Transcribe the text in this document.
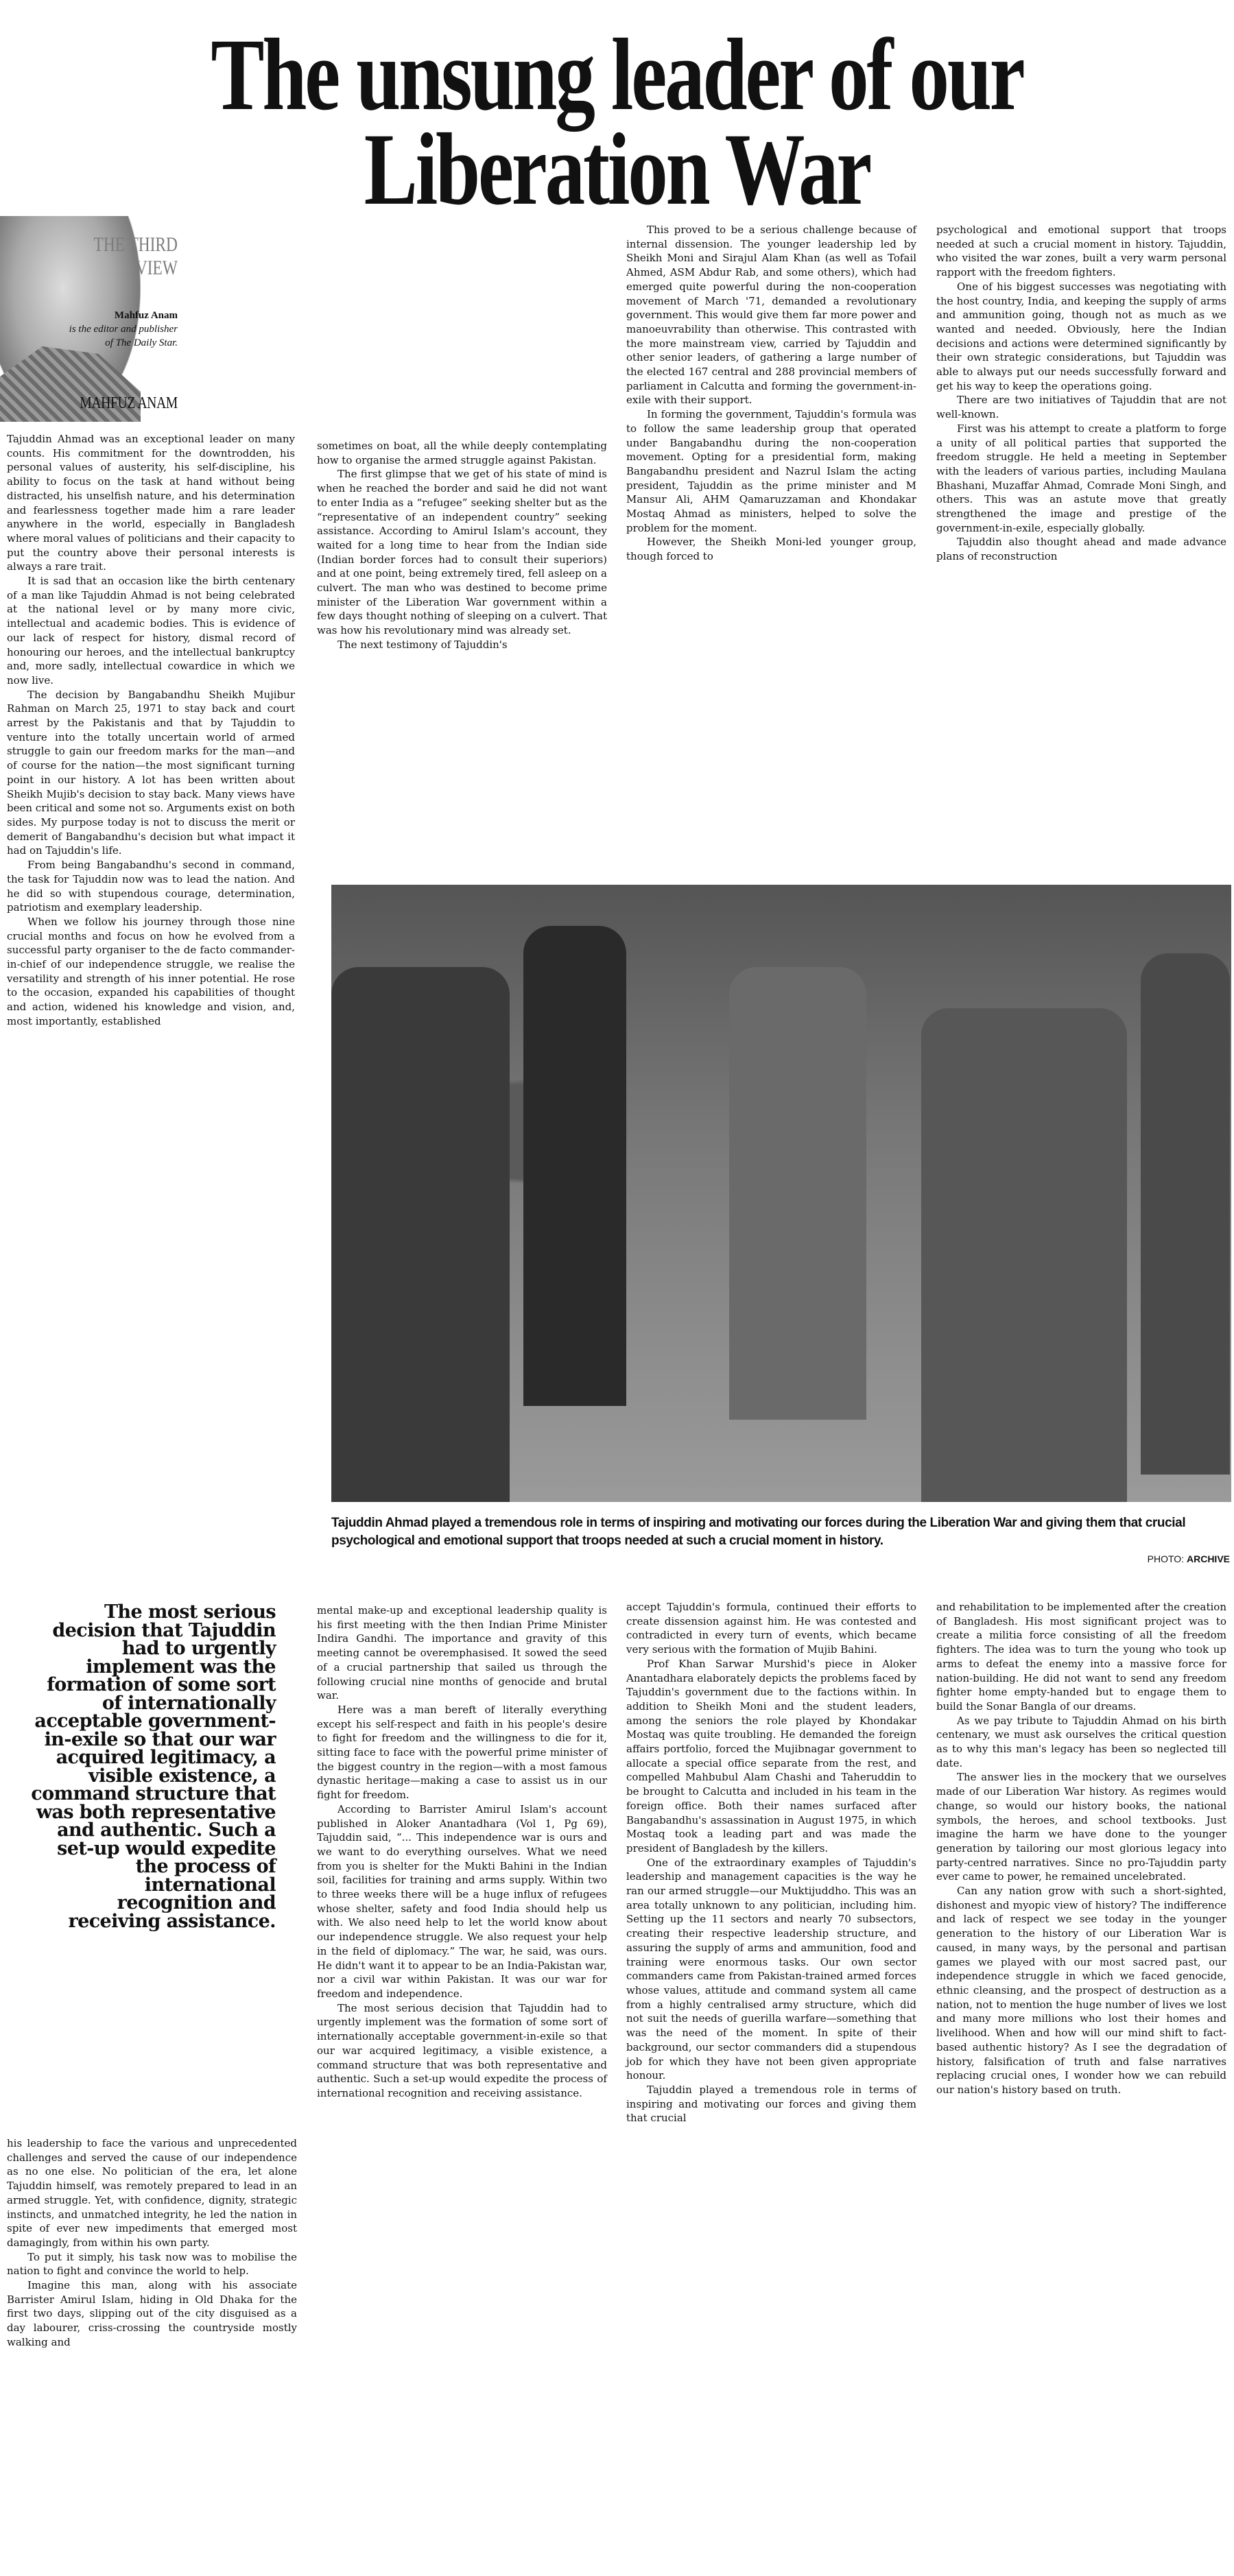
The unsung leader of our
Liberation War
THE THIRD
VIEW
Mahfuz Anam
is the editor and publisher
of The Daily Star.
MAHFUZ ANAM

Tajuddin Ahmad was an exceptional leader on many counts. His commitment for the downtrodden, his personal values of austerity, his self-discipline, his ability to focus on the task at hand without being distracted, his unselfish nature, and his determination and fearlessness together made him a rare leader anywhere in the world, especially in Bangladesh where moral values of politicians and their capacity to put the country above their personal interests is always a rare trait.

It is sad that an occasion like the birth centenary of a man like Tajuddin Ahmad is not being celebrated at the national level or by many more civic, intellectual and academic bodies. This is evidence of our lack of respect for history, dismal record of honouring our heroes, and the intellectual bankruptcy and, more sadly, intellectual cowardice in which we now live.

The decision by Bangabandhu Sheikh Mujibur Rahman on March 25, 1971 to stay back and court arrest by the Pakistanis and that by Tajuddin to venture into the totally uncertain world of armed struggle to gain our freedom marks for the man—and of course for the nation—the most significant turning point in our history. A lot has been written about Sheikh Mujib's decision to stay back. Many views have been critical and some not so. Arguments exist on both sides. My purpose today is not to discuss the merit or demerit of Bangabandhu's decision but what impact it had on Tajuddin's life.

From being Bangabandhu's second in command, the task for Tajuddin now was to lead the nation. And he did so with stupendous courage, determination, patriotism and exemplary leadership.

When we follow his journey through those nine crucial months and focus on how he evolved from a successful party organiser to the de facto commander-in-chief of our independence struggle, we realise the versatility and strength of his inner potential. He rose to the occasion, expanded his capabilities of thought and action, widened his knowledge and vision, and, most importantly, established

sometimes on boat, all the while deeply contemplating how to organise the armed struggle against Pakistan.

The first glimpse that we get of his state of mind is when he reached the border and said he did not want to enter India as a “refugee” seeking shelter but as the “representative of an independent country” seeking assistance. According to Amirul Islam's account, they waited for a long time to hear from the Indian side (Indian border forces had to consult their superiors) and at one point, being extremely tired, fell asleep on a culvert. The man who was destined to become prime minister of the Liberation War government within a few days thought nothing of sleeping on a culvert. That was how his revolutionary mind was already set.

The next testimony of Tajuddin's

This proved to be a serious challenge because of internal dissension. The younger leadership led by Sheikh Moni and Sirajul Alam Khan (as well as Tofail Ahmed, ASM Abdur Rab, and some others), which had emerged quite powerful during the non-cooperation movement of March '71, demanded a revolutionary government. This would give them far more power and manoeuvrability than otherwise. This contrasted with the more mainstream view, carried by Tajuddin and other senior leaders, of gathering a large number of the elected 167 central and 288 provincial members of parliament in Calcutta and forming the government-in-exile with their support.

In forming the government, Tajuddin's formula was to follow the same leadership group that operated under Bangabandhu during the non-cooperation movement. Opting for a presidential form, making Bangabandhu president and Nazrul Islam the acting president, Tajuddin as the prime minister and M Mansur Ali, AHM Qamaruzzaman and Khondakar Mostaq Ahmad as ministers, helped to solve the problem for the moment.

However, the Sheikh Moni-led younger group, though forced to

psychological and emotional support that troops needed at such a crucial moment in history. Tajuddin, who visited the war zones, built a very warm personal rapport with the freedom fighters.

One of his biggest successes was negotiating with the host country, India, and keeping the supply of arms and ammunition going, though not as much as we wanted and needed. Obviously, here the Indian decisions and actions were determined significantly by their own strategic considerations, but Tajuddin was able to always put our needs successfully forward and get his way to keep the operations going.

There are two initiatives of Tajuddin that are not well-known.

First was his attempt to create a platform to forge a unity of all political parties that supported the freedom struggle. He held a meeting in September with the leaders of various parties, including Maulana Bhashani, Muzaffar Ahmad, Comrade Moni Singh, and others. This was an astute move that greatly strengthened the image and prestige of the government-in-exile, especially globally.

Tajuddin also thought ahead and made advance plans of reconstruction

Tajuddin Ahmad played a tremendous role in terms of inspiring and motivating our forces during the Liberation War and giving them that crucial psychological and emotional support that troops needed at such a crucial moment in history.
PHOTO: ARCHIVE
The most serious decision that Tajuddin had to urgently implement was the formation of some sort of internationally acceptable government-in-exile so that our war acquired legitimacy, a visible existence, a command structure that was both representative and authentic. Such a set-up would expedite the process of international recognition and receiving assistance.

his leadership to face the various and unprecedented challenges and served the cause of our independence as no one else. No politician of the era, let alone Tajuddin himself, was remotely prepared to lead in an armed struggle. Yet, with confidence, dignity, strategic instincts, and unmatched integrity, he led the nation in spite of ever new impediments that emerged most damagingly, from within his own party.

To put it simply, his task now was to mobilise the nation to fight and convince the world to help.

Imagine this man, along with his associate Barrister Amirul Islam, hiding in Old Dhaka for the first two days, slipping out of the city disguised as a day labourer, criss-crossing the countryside mostly walking and

mental make-up and exceptional leadership quality is his first meeting with the then Indian Prime Minister Indira Gandhi. The importance and gravity of this meeting cannot be overemphasised. It sowed the seed of a crucial partnership that sailed us through the following crucial nine months of genocide and brutal war.

Here was a man bereft of literally everything except his self-respect and faith in his people's desire to fight for freedom and the willingness to die for it, sitting face to face with the powerful prime minister of the biggest country in the region—with a most famous dynastic heritage—making a case to assist us in our fight for freedom.

According to Barrister Amirul Islam's account published in Aloker Anantadhara (Vol 1, Pg 69), Tajuddin said, “... This independence war is ours and we want to do everything ourselves. What we need from you is shelter for the Mukti Bahini in the Indian soil, facilities for training and arms supply. Within two to three weeks there will be a huge influx of refugees whose shelter, safety and food India should help us with. We also need help to let the world know about our independence struggle. We also request your help in the field of diplomacy.” The war, he said, was ours. He didn't want it to appear to be an India-Pakistan war, nor a civil war within Pakistan. It was our war for freedom and independence.

The most serious decision that Tajuddin had to urgently implement was the formation of some sort of internationally acceptable government-in-exile so that our war acquired legitimacy, a visible existence, a command structure that was both representative and authentic. Such a set-up would expedite the process of international recognition and receiving assistance.

accept Tajuddin's formula, continued their efforts to create dissension against him. He was contested and contradicted in every turn of events, which became very serious with the formation of Mujib Bahini.

Prof Khan Sarwar Murshid's piece in Aloker Anantadhara elaborately depicts the problems faced by Tajuddin's government due to the factions within. In addition to Sheikh Moni and the student leaders, among the seniors the role played by Khondakar Mostaq was quite troubling. He demanded the foreign affairs portfolio, forced the Mujibnagar government to allocate a special office separate from the rest, and compelled Mahbubul Alam Chashi and Taheruddin to be brought to Calcutta and included in his team in the foreign office. Both their names surfaced after Bangabandhu's assassination in August 1975, in which Mostaq took a leading part and was made the president of Bangladesh by the killers.

One of the extraordinary examples of Tajuddin's leadership and management capacities is the way he ran our armed struggle—our Muktijuddho. This was an area totally unknown to any politician, including him. Setting up the 11 sectors and nearly 70 subsectors, creating their respective leadership structure, and assuring the supply of arms and ammunition, food and training were enormous tasks. Our own sector commanders came from Pakistan-trained armed forces whose values, attitude and command system all came from a highly centralised army structure, which did not suit the needs of guerilla warfare—something that was the need of the moment. In spite of their background, our sector commanders did a stupendous job for which they have not been given appropriate honour.

Tajuddin played a tremendous role in terms of inspiring and motivating our forces and giving them that crucial

and rehabilitation to be implemented after the creation of Bangladesh. His most significant project was to create a militia force consisting of all the freedom fighters. The idea was to turn the young who took up arms to defeat the enemy into a massive force for nation-building. He did not want to send any freedom fighter home empty-handed but to engage them to build the Sonar Bangla of our dreams.

As we pay tribute to Tajuddin Ahmad on his birth centenary, we must ask ourselves the critical question as to why this man's legacy has been so neglected till date.

The answer lies in the mockery that we ourselves made of our Liberation War history. As regimes would change, so would our history books, the national symbols, the heroes, and school textbooks. Just imagine the harm we have done to the younger generation by tailoring our most glorious legacy into party-centred narratives. Since no pro-Tajuddin party ever came to power, he remained uncelebrated.

Can any nation grow with such a short-sighted, dishonest and myopic view of history? The indifference and lack of respect we see today in the younger generation to the history of our Liberation War is caused, in many ways, by the personal and partisan games we played with our most sacred past, our independence struggle in which we faced genocide, ethnic cleansing, and the prospect of destruction as a nation, not to mention the huge number of lives we lost and many more millions who lost their homes and livelihood. When and how will our mind shift to fact-based authentic history? As I see the degradation of history, falsification of truth and false narratives replacing crucial ones, I wonder how we can rebuild our nation's history based on truth.
